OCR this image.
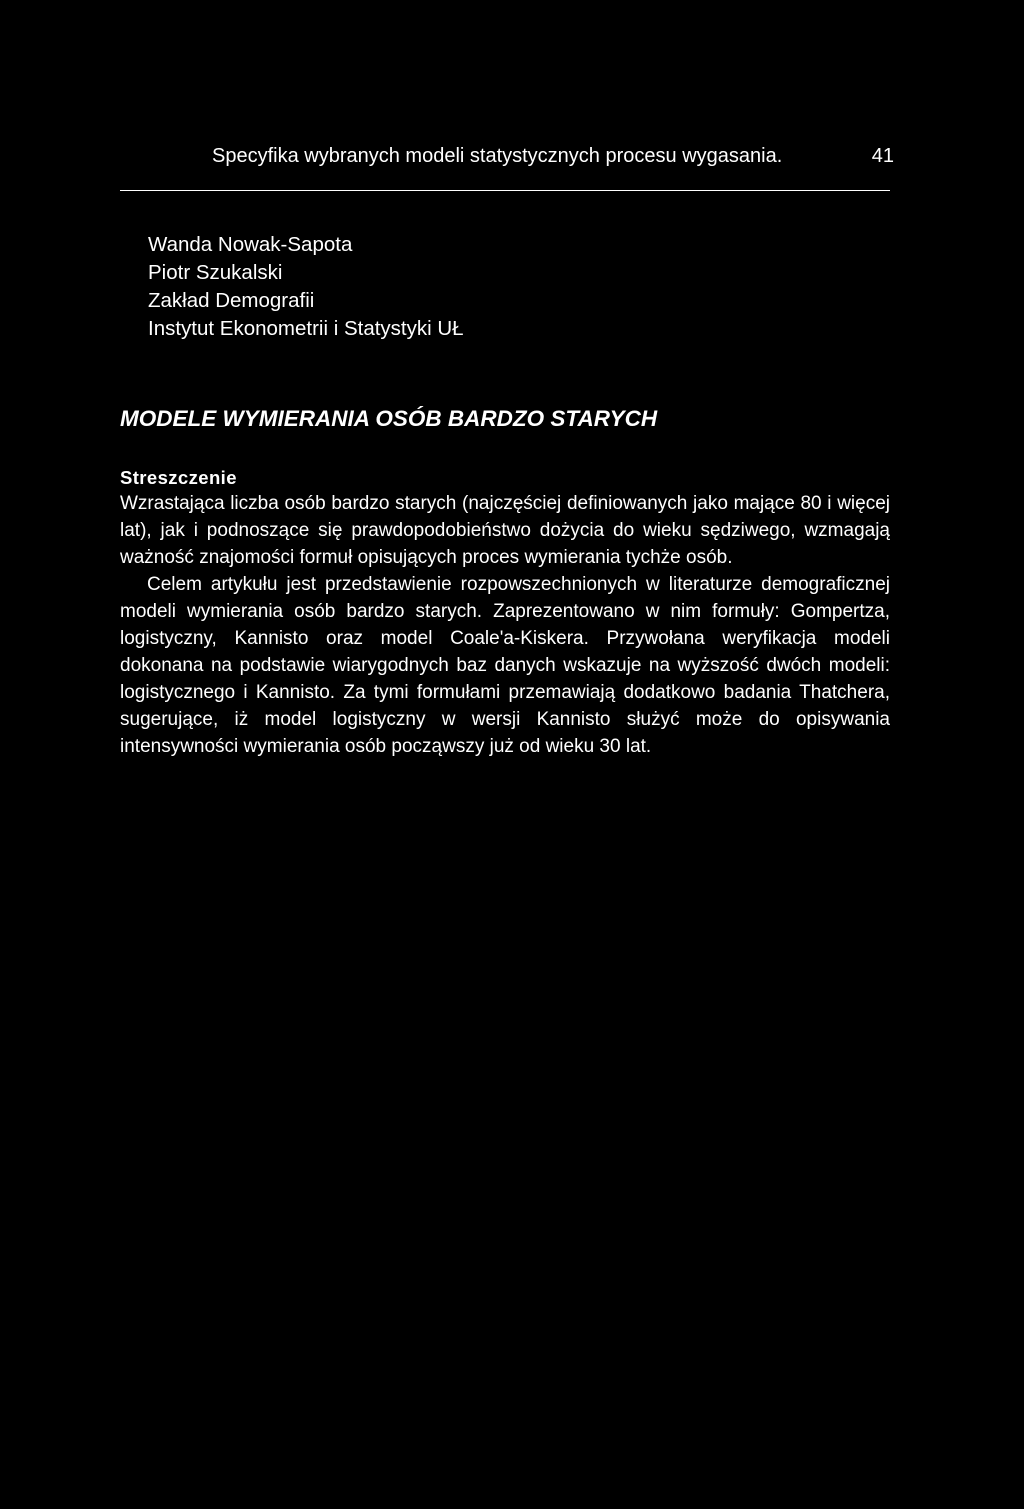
Specyfika wybranych modeli statystycznych procesu wygasania.	41
Wanda Nowak-Sapota
Piotr Szukalski
Zakład Demografii
Instytut Ekonometrii i Statystyki UŁ
MODELE WYMIERANIA OSÓB BARDZO STARYCH
Streszczenie

Wzrastająca liczba osób bardzo starych (najczęściej definiowanych jako mające 80 i więcej lat), jak i podnoszące się prawdopodobieństwo dożycia do wieku sędziwego, wzmagają ważność znajomości formuł opisujących proces wymierania tychże osób.

Celem artykułu jest przedstawienie rozpowszechnionych w literaturze demograficznej modeli wymierania osób bardzo starych. Zaprezentowano w nim formuły: Gompertza, logistyczny, Kannisto oraz model Coale'a-Kiskera. Przywołana weryfikacja modeli dokonana na podstawie wiarygodnych baz danych wskazuje na wyższość dwóch modeli: logistycznego i Kannisto. Za tymi formułami przemawiają dodatkowo badania Thatchera, sugerujące, iż model logistyczny w wersji Kannisto służyć może do opisywania intensywności wymierania osób począwszy już od wieku 30 lat.
